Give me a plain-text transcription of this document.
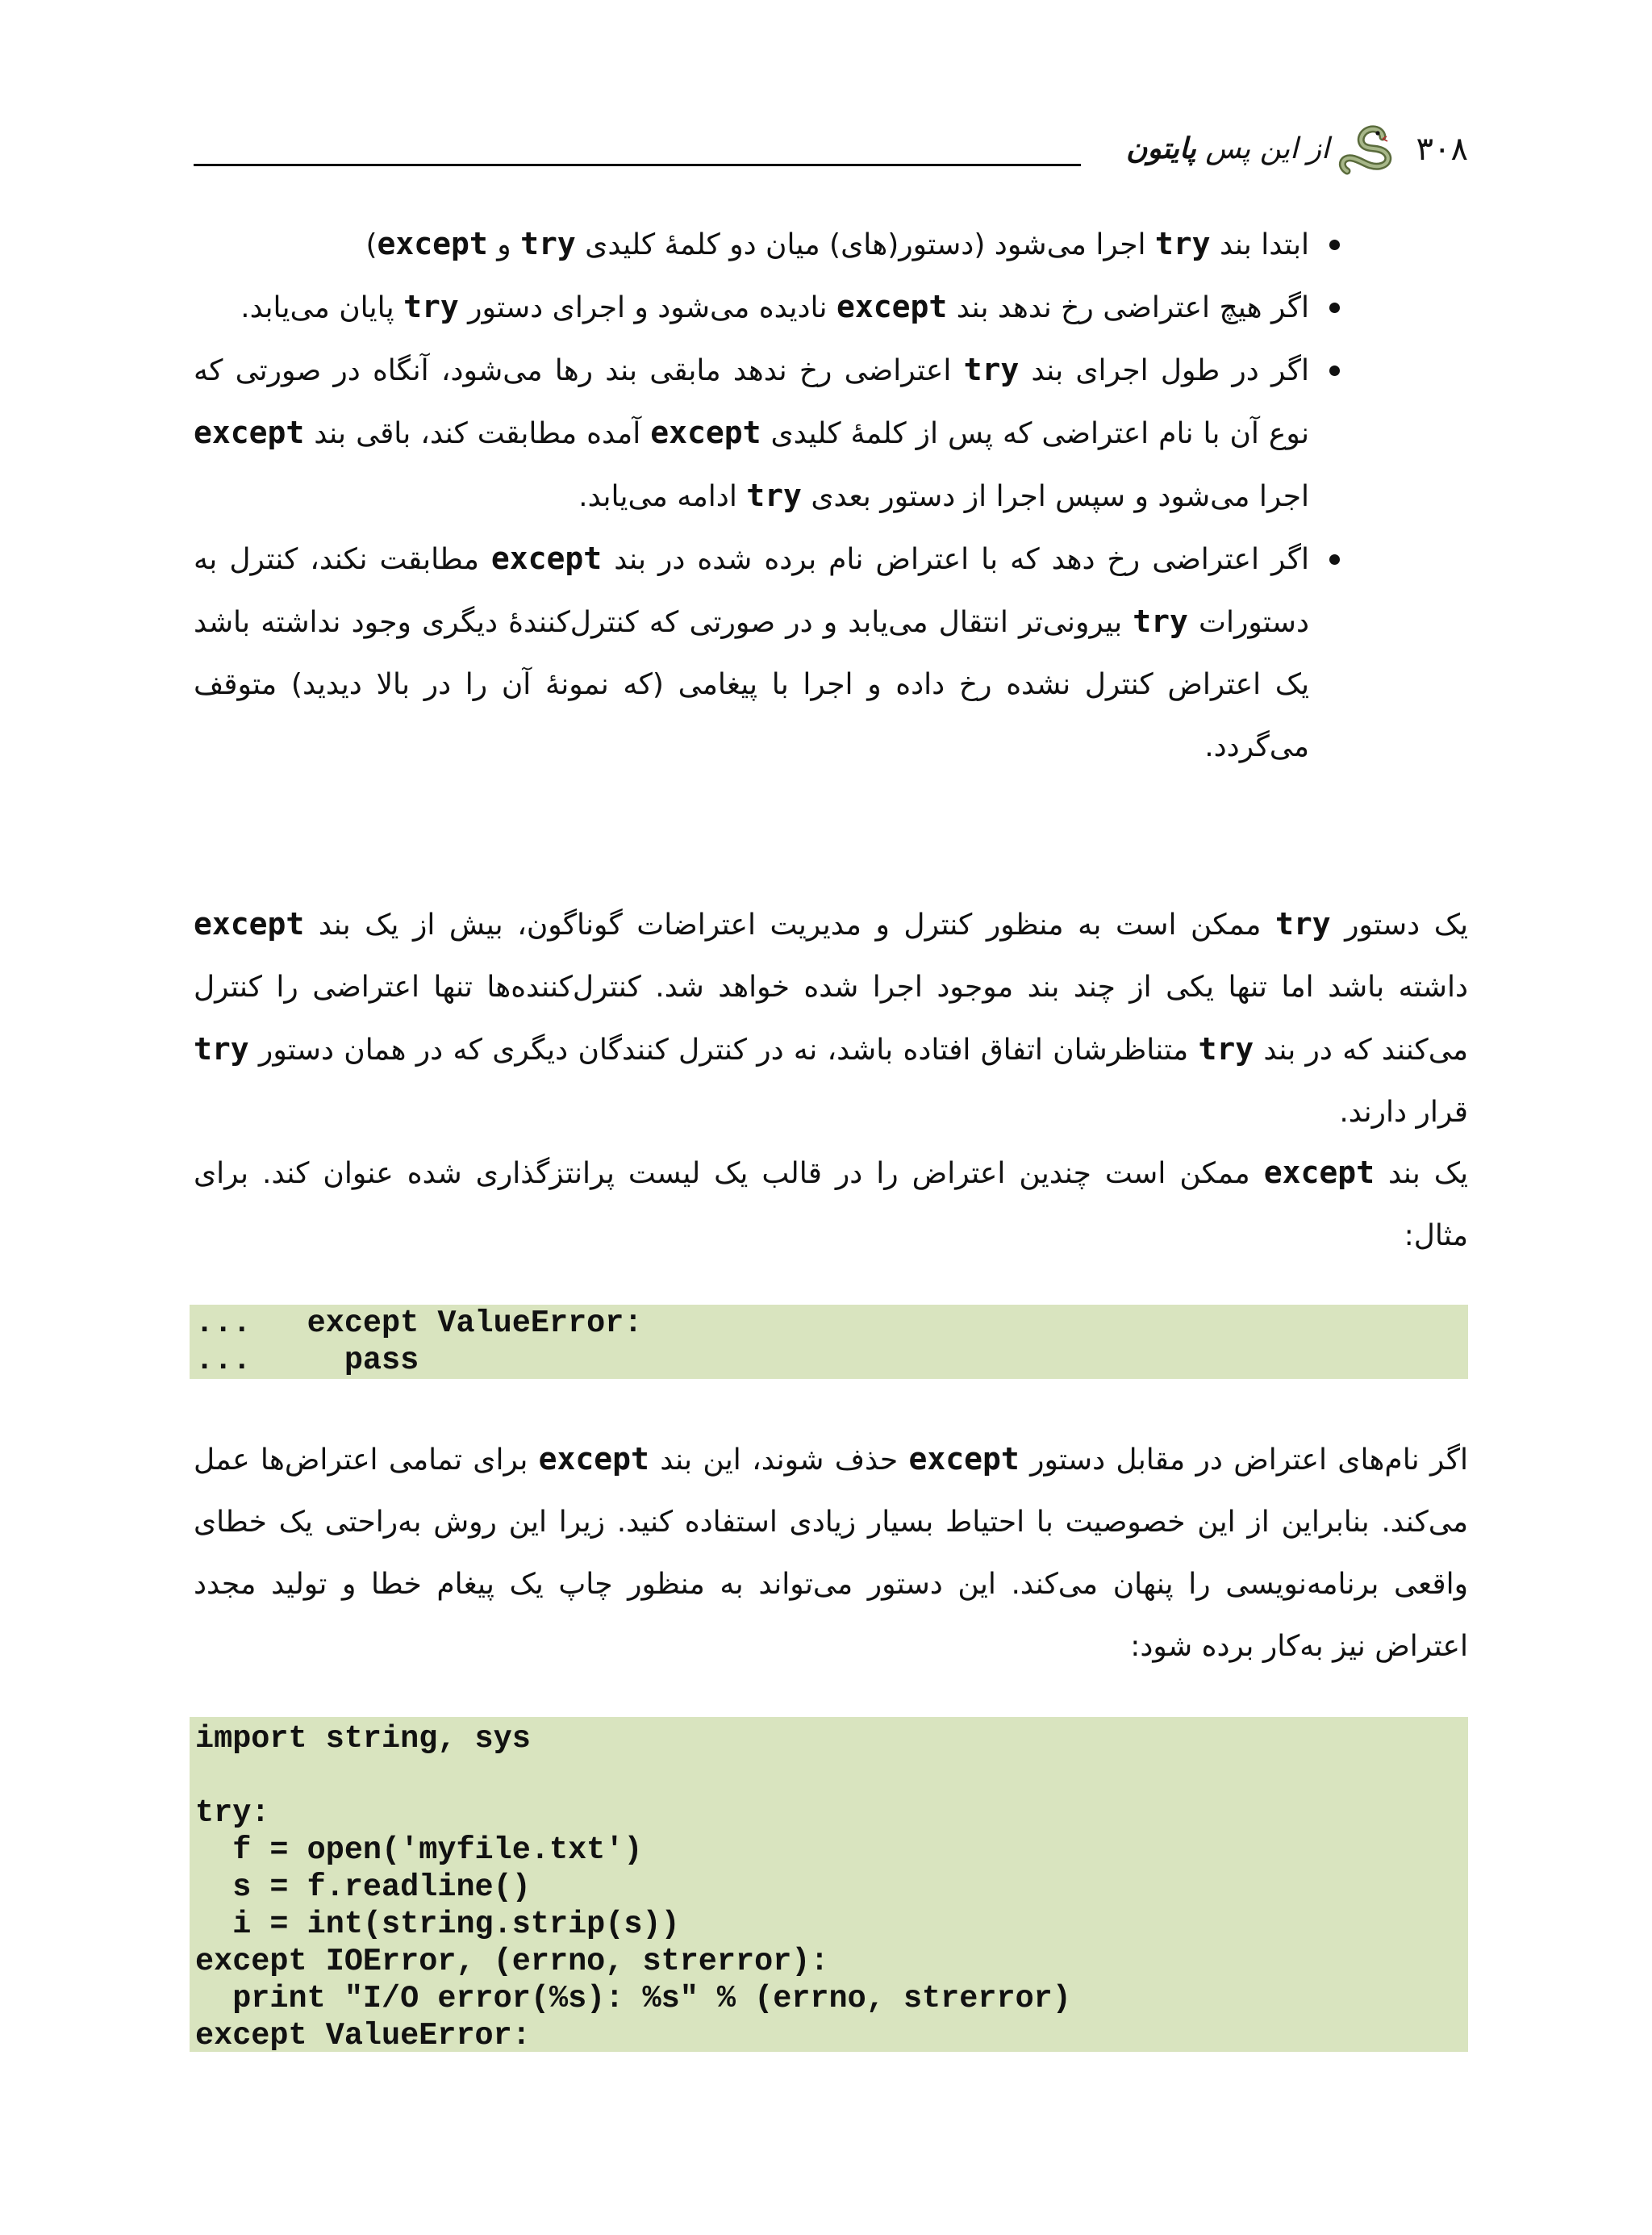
از این پس پایتون	۳۰۸
ابتدا بند try اجرا می‌شود (دستور(های) میان دو کلمهٔ کلیدی try و except)
اگر هیچ اعتراضی رخ ندهد بند except نادیده می‌شود و اجرای دستور try پایان می‌یابد.
اگر در طول اجرای بند try اعتراضی رخ ندهد مابقی بند رها می‌شود، آنگاه در صورتی که نوع آن با نام اعتراضی که پس از کلمهٔ کلیدی except آمده مطابقت کند، باقی بند except اجرا می‌شود و سپس اجرا از دستور بعدی try ادامه می‌یابد.
اگر اعتراضی رخ دهد که با اعتراض نام برده شده در بند except مطابقت نکند، کنترل به دستورات try بیرونی‌تر انتقال می‌یابد و در صورتی که کنترل‌کنندهٔ دیگری وجود نداشته باشد یک اعتراض کنترل نشده رخ داده و اجرا با پیغامی (که نمونهٔ آن را در بالا دیدید) متوقف می‌گردد.

یک دستور try ممکن است به منظور کنترل و مدیریت اعتراضات گوناگون، بیش از یک بند except داشته باشد اما تنها یکی از چند بند موجود اجرا شده خواهد شد. کنترل‌کننده‌ها تنها اعتراضی را کنترل می‌کنند که در بند try متناظرشان اتفاق افتاده باشد، نه در کنترل کنندگان دیگری که در همان دستور try قرار دارند.

یک بند except ممکن است چندین اعتراض را در قالب یک لیست پرانتزگذاری شده عنوان کند. برای مثال:

...   except ValueError:
...     pass

اگر نام‌های اعتراض در مقابل دستور except حذف شوند، این بند except برای تمامی اعتراض‌ها عمل می‌کند. بنابراین از این خصوصیت با احتیاط بسیار زیادی استفاده کنید. زیرا این روش به‌راحتی یک خطای واقعی برنامه‌نویسی را پنهان می‌کند. این دستور می‌تواند به منظور چاپ یک پیغام خطا و تولید مجدد اعتراض نیز به‌کار برده شود:

import string, sys
try:
f = open('myfile.txt')
s = f.readline()
i = int(string.strip(s))
except IOError, (errno, strerror):
print "I/O error(%s): %s" % (errno, strerror)
except ValueError:
